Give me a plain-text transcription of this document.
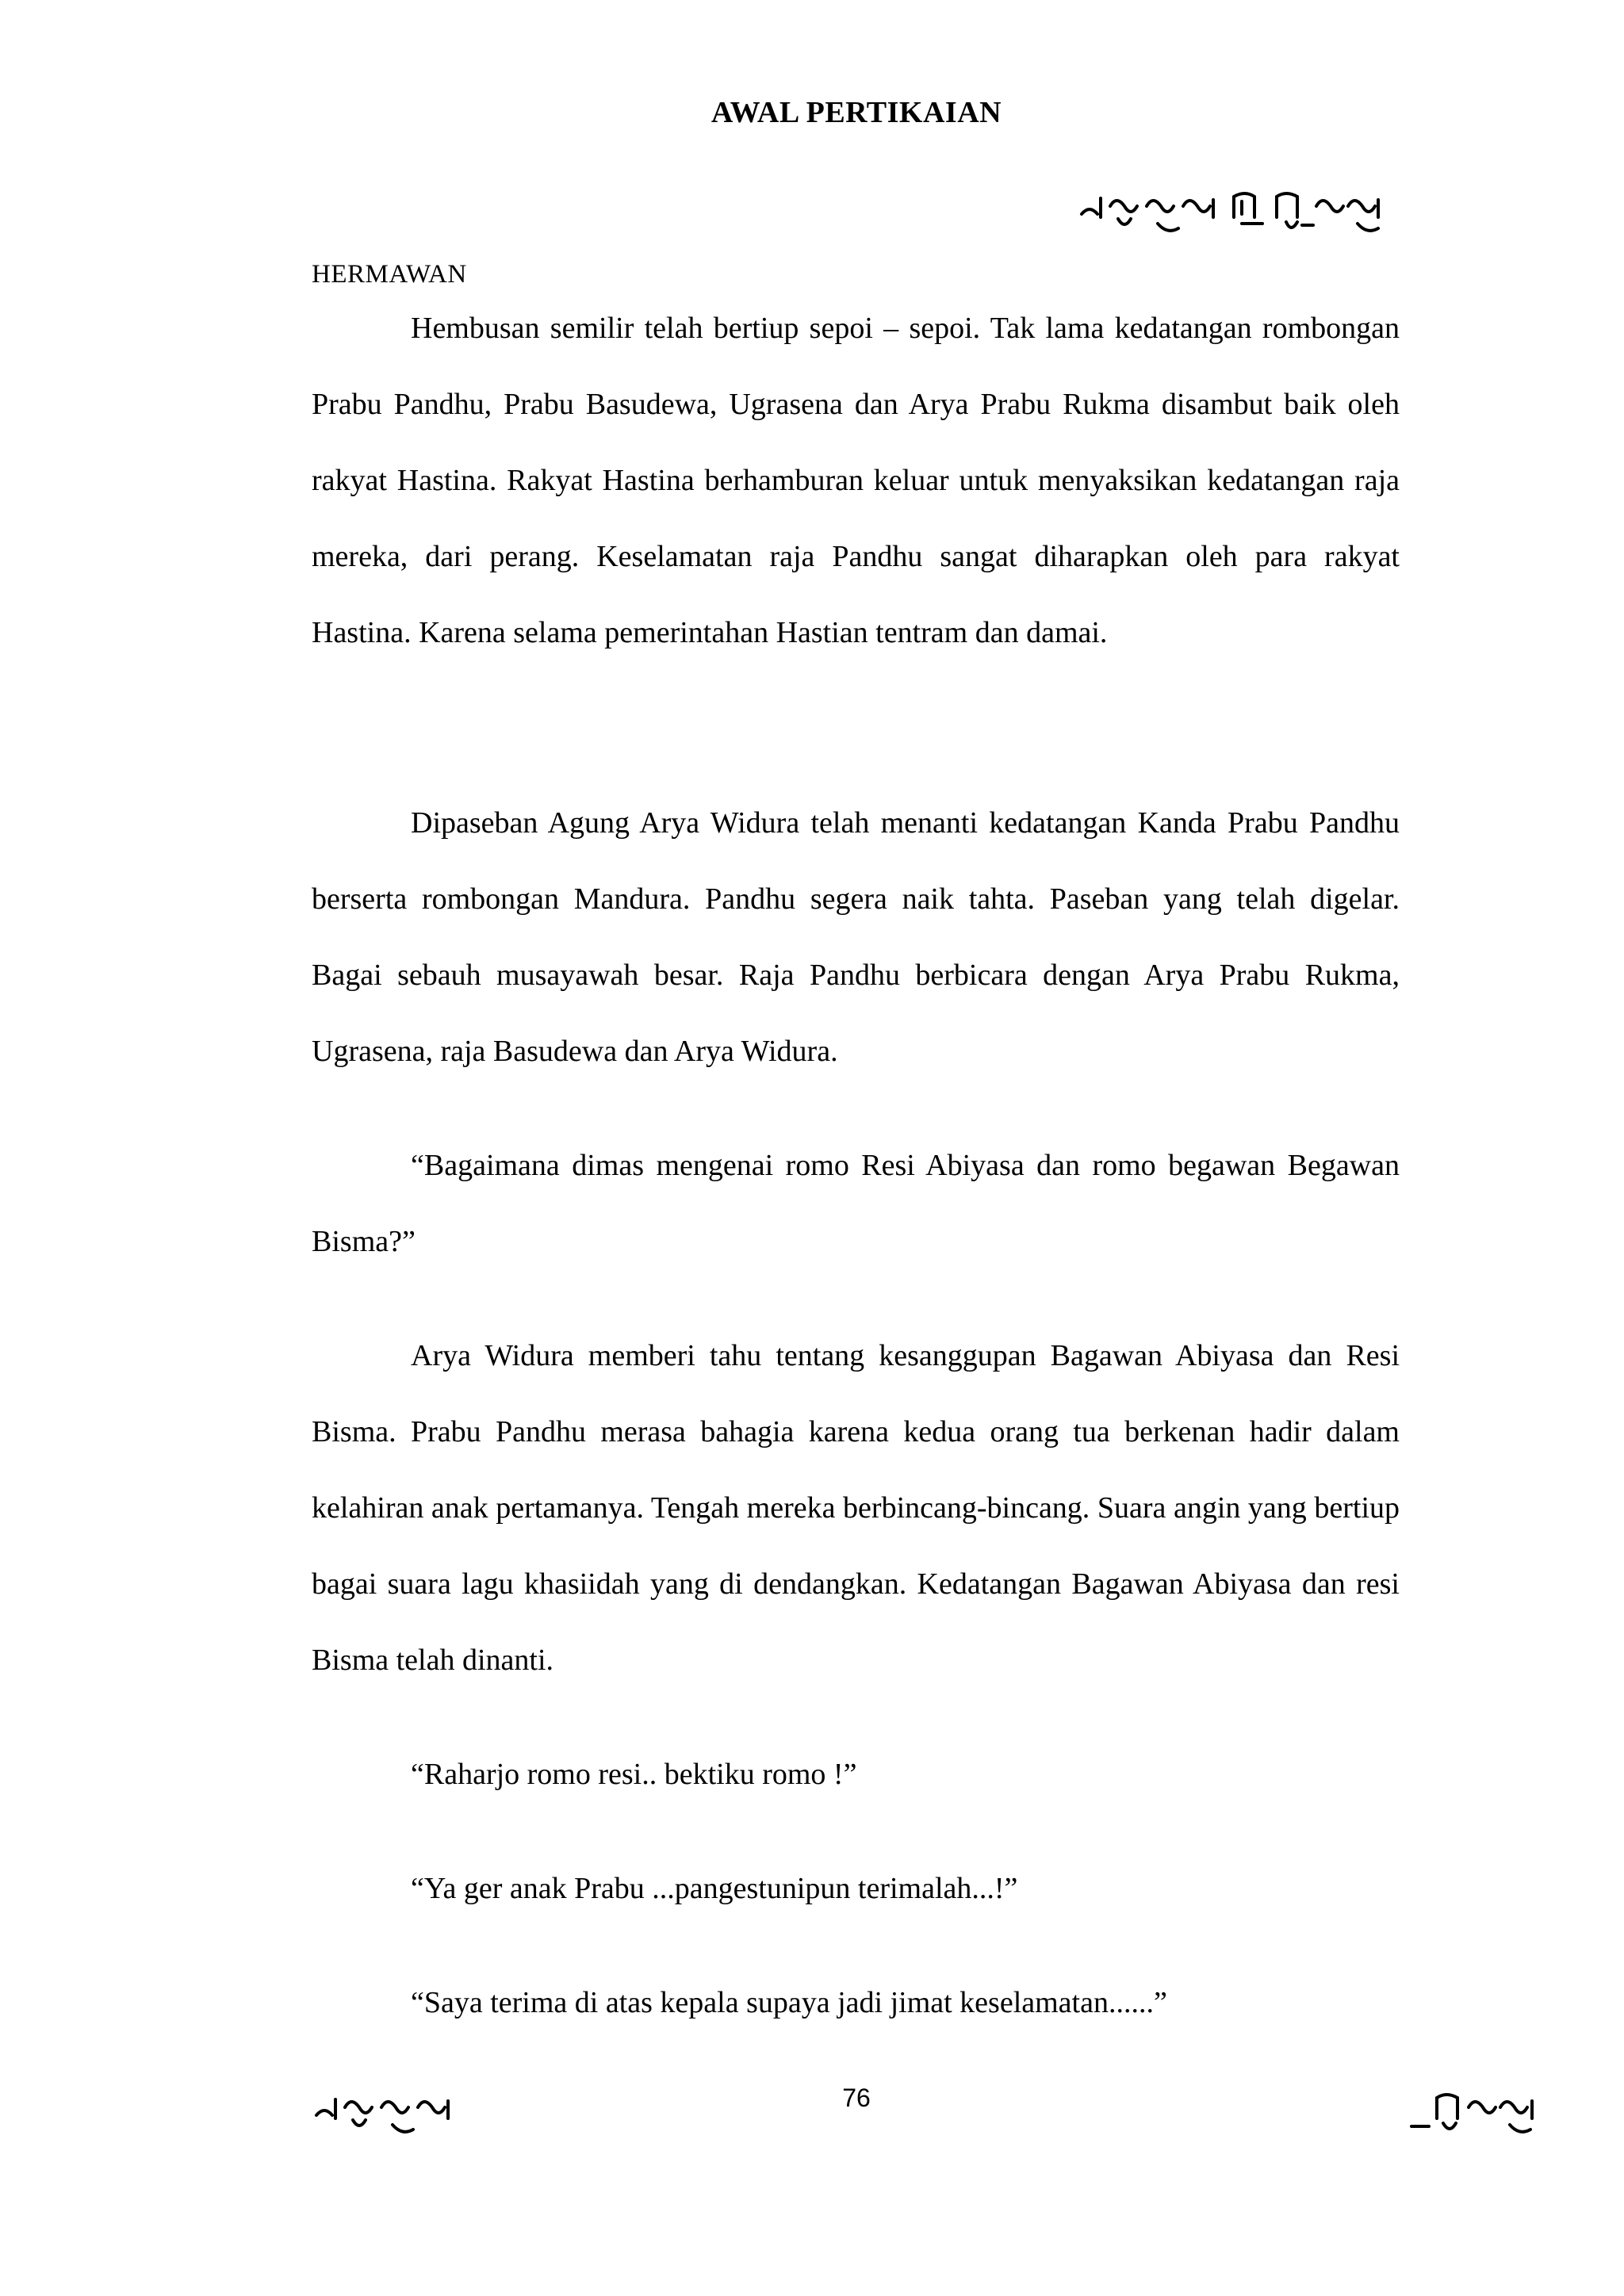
AWAL PERTIKAIAN
HERMAWAN

Hembusan semilir telah bertiup sepoi – sepoi. Tak lama kedatangan rombongan Prabu Pandhu, Prabu Basudewa, Ugrasena dan Arya Prabu Rukma disambut baik oleh rakyat Hastina. Rakyat Hastina berhamburan keluar untuk menyaksikan kedatangan raja mereka, dari perang. Keselamatan raja Pandhu sangat diharapkan oleh para rakyat Hastina. Karena selama pemerintahan Hastian tentram dan damai.

Dipaseban Agung Arya Widura telah menanti kedatangan Kanda Prabu Pandhu berserta rombongan Mandura. Pandhu segera naik tahta. Paseban yang telah digelar. Bagai sebauh musayawah besar. Raja Pandhu berbicara dengan Arya Prabu Rukma, Ugrasena, raja Basudewa dan Arya Widura.

“Bagaimana dimas mengenai romo Resi Abiyasa dan romo begawan Begawan Bisma?”

Arya Widura memberi tahu tentang kesanggupan Bagawan Abiyasa dan Resi Bisma. Prabu Pandhu merasa bahagia karena kedua orang tua berkenan hadir dalam kelahiran anak pertamanya. Tengah mereka berbincang-bincang. Suara angin yang bertiup bagai suara lagu khasiidah yang di dendangkan. Kedatangan Bagawan Abiyasa dan resi Bisma telah dinanti.

“Raharjo romo resi.. bektiku romo !”

“Ya ger anak Prabu ...pangestunipun terimalah...!”

“Saya terima di atas kepala supaya jadi jimat keselamatan......”

76
